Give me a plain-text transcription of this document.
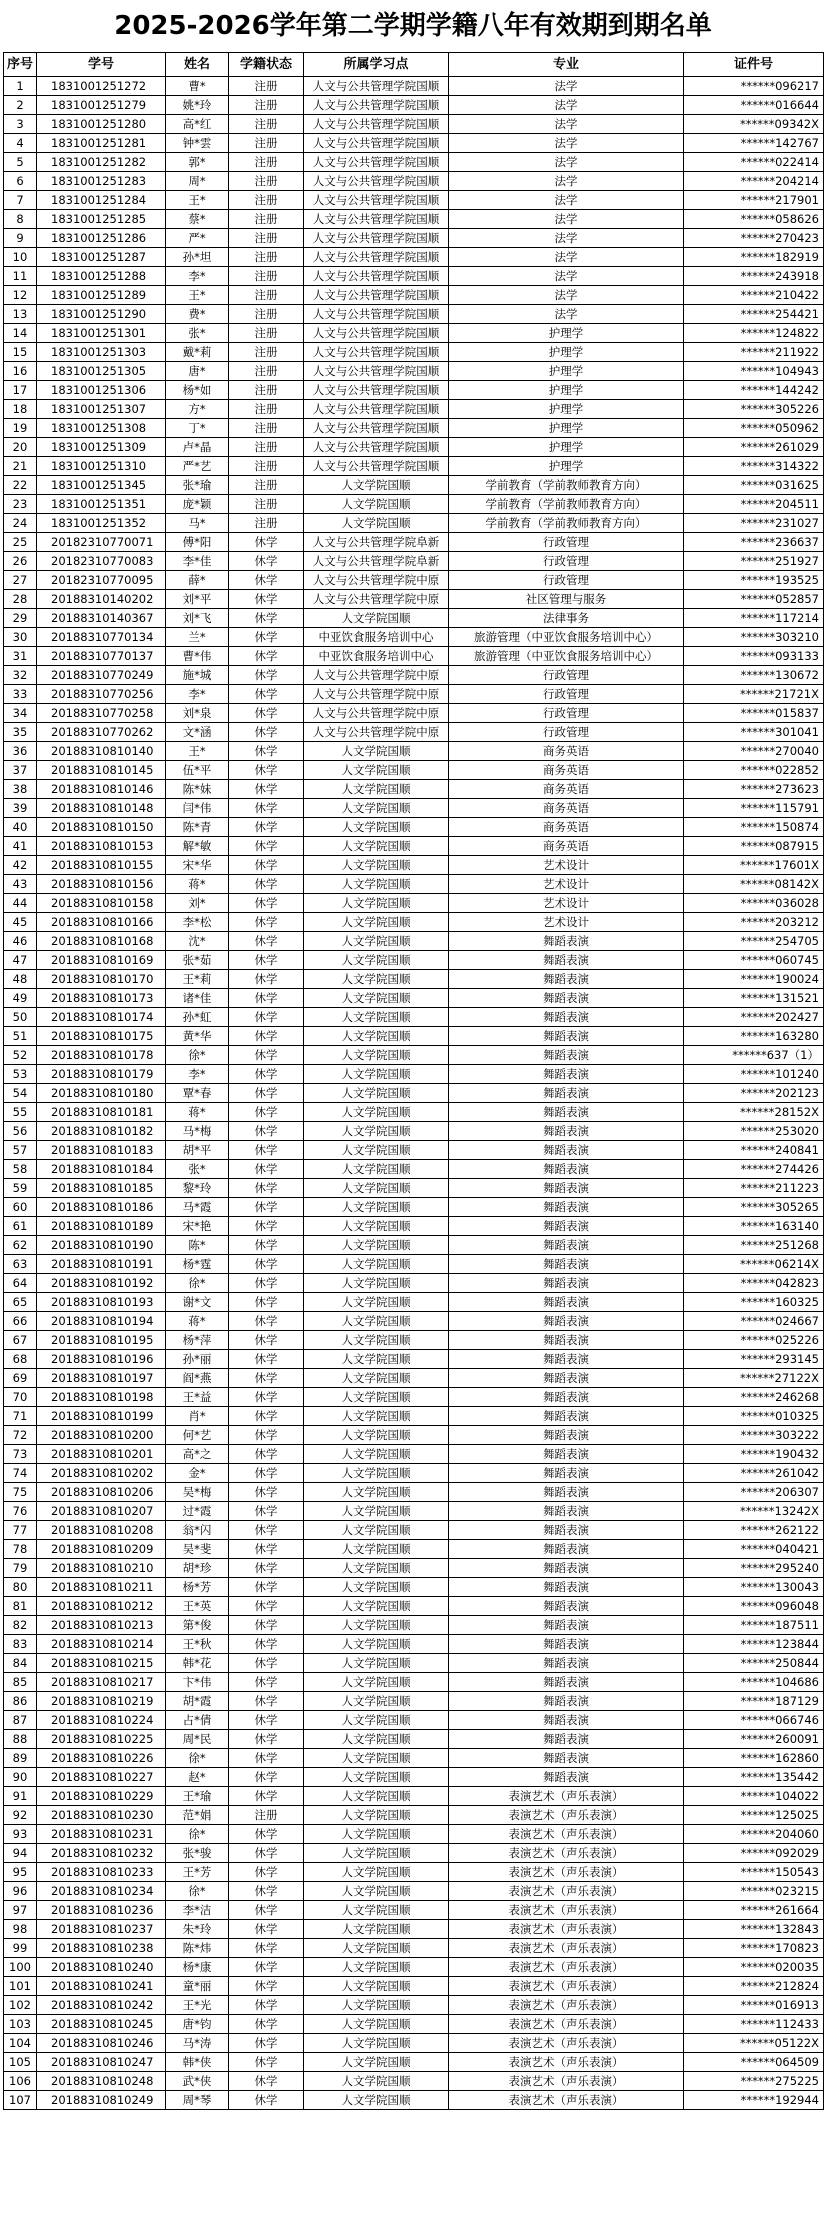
2025-2026学年第二学期学籍八年有效期到期名单
序号	学号	姓名	学籍状态	所属学习点	专业	证件号
1	1831001251272	曹*	注册	人文与公共管理学院国顺	法学	******096217
2	1831001251279	姚*玲	注册	人文与公共管理学院国顺	法学	******016644
3	1831001251280	高*红	注册	人文与公共管理学院国顺	法学	******09342X
4	1831001251281	钟*雲	注册	人文与公共管理学院国顺	法学	******142767
5	1831001251282	郭*	注册	人文与公共管理学院国顺	法学	******022414
6	1831001251283	周*	注册	人文与公共管理学院国顺	法学	******204214
7	1831001251284	王*	注册	人文与公共管理学院国顺	法学	******217901
8	1831001251285	蔡*	注册	人文与公共管理学院国顺	法学	******058626
9	1831001251286	严*	注册	人文与公共管理学院国顺	法学	******270423
10	1831001251287	孙*坦	注册	人文与公共管理学院国顺	法学	******182919
11	1831001251288	李*	注册	人文与公共管理学院国顺	法学	******243918
12	1831001251289	王*	注册	人文与公共管理学院国顺	法学	******210422
13	1831001251290	费*	注册	人文与公共管理学院国顺	法学	******254421
14	1831001251301	张*	注册	人文与公共管理学院国顺	护理学	******124822
15	1831001251303	戴*莉	注册	人文与公共管理学院国顺	护理学	******211922
16	1831001251305	唐*	注册	人文与公共管理学院国顺	护理学	******104943
17	1831001251306	杨*如	注册	人文与公共管理学院国顺	护理学	******144242
18	1831001251307	方*	注册	人文与公共管理学院国顺	护理学	******305226
19	1831001251308	丁*	注册	人文与公共管理学院国顺	护理学	******050962
20	1831001251309	卢*晶	注册	人文与公共管理学院国顺	护理学	******261029
21	1831001251310	严*艺	注册	人文与公共管理学院国顺	护理学	******314322
22	1831001251345	张*瑜	注册	人文学院国顺	学前教育（学前教师教育方向）	******031625
23	1831001251351	庞*颖	注册	人文学院国顺	学前教育（学前教师教育方向）	******204511
24	1831001251352	马*	注册	人文学院国顺	学前教育（学前教师教育方向）	******231027
25	20182310770071	傅*阳	休学	人文与公共管理学院阜新	行政管理	******236637
26	20182310770083	李*佳	休学	人文与公共管理学院阜新	行政管理	******251927
27	20182310770095	薛*	休学	人文与公共管理学院中原	行政管理	******193525
28	20188310140202	刘*平	休学	人文与公共管理学院中原	社区管理与服务	******052857
29	20188310140367	刘*飞	休学	人文学院国顺	法律事务	******117214
30	20188310770134	兰*	休学	中亚饮食服务培训中心	旅游管理（中亚饮食服务培训中心）	******303210
31	20188310770137	曹*伟	休学	中亚饮食服务培训中心	旅游管理（中亚饮食服务培训中心）	******093133
32	20188310770249	施*城	休学	人文与公共管理学院中原	行政管理	******130672
33	20188310770256	李*	休学	人文与公共管理学院中原	行政管理	******21721X
34	20188310770258	刘*泉	休学	人文与公共管理学院中原	行政管理	******015837
35	20188310770262	文*涵	休学	人文与公共管理学院中原	行政管理	******301041
36	20188310810140	王*	休学	人文学院国顺	商务英语	******270040
37	20188310810145	伍*平	休学	人文学院国顺	商务英语	******022852
38	20188310810146	陈*妹	休学	人文学院国顺	商务英语	******273623
39	20188310810148	闫*伟	休学	人文学院国顺	商务英语	******115791
40	20188310810150	陈*青	休学	人文学院国顺	商务英语	******150874
41	20188310810153	解*敏	休学	人文学院国顺	商务英语	******087915
42	20188310810155	宋*华	休学	人文学院国顺	艺术设计	******17601X
43	20188310810156	蒋*	休学	人文学院国顺	艺术设计	******08142X
44	20188310810158	刘*	休学	人文学院国顺	艺术设计	******036028
45	20188310810166	李*松	休学	人文学院国顺	艺术设计	******203212
46	20188310810168	沈*	休学	人文学院国顺	舞蹈表演	******254705
47	20188310810169	张*茹	休学	人文学院国顺	舞蹈表演	******060745
48	20188310810170	王*莉	休学	人文学院国顺	舞蹈表演	******190024
49	20188310810173	诸*佳	休学	人文学院国顺	舞蹈表演	******131521
50	20188310810174	孙*虹	休学	人文学院国顺	舞蹈表演	******202427
51	20188310810175	黄*华	休学	人文学院国顺	舞蹈表演	******163280
52	20188310810178	徐*	休学	人文学院国顺	舞蹈表演	******637（1）
53	20188310810179	李*	休学	人文学院国顺	舞蹈表演	******101240
54	20188310810180	覃*春	休学	人文学院国顺	舞蹈表演	******202123
55	20188310810181	蒋*	休学	人文学院国顺	舞蹈表演	******28152X
56	20188310810182	马*梅	休学	人文学院国顺	舞蹈表演	******253020
57	20188310810183	胡*平	休学	人文学院国顺	舞蹈表演	******240841
58	20188310810184	张*	休学	人文学院国顺	舞蹈表演	******274426
59	20188310810185	黎*玲	休学	人文学院国顺	舞蹈表演	******211223
60	20188310810186	马*霞	休学	人文学院国顺	舞蹈表演	******305265
61	20188310810189	宋*艳	休学	人文学院国顺	舞蹈表演	******163140
62	20188310810190	陈*	休学	人文学院国顺	舞蹈表演	******251268
63	20188310810191	杨*霆	休学	人文学院国顺	舞蹈表演	******06214X
64	20188310810192	徐*	休学	人文学院国顺	舞蹈表演	******042823
65	20188310810193	谢*文	休学	人文学院国顺	舞蹈表演	******160325
66	20188310810194	蒋*	休学	人文学院国顺	舞蹈表演	******024667
67	20188310810195	杨*萍	休学	人文学院国顺	舞蹈表演	******025226
68	20188310810196	孙*丽	休学	人文学院国顺	舞蹈表演	******293145
69	20188310810197	阎*燕	休学	人文学院国顺	舞蹈表演	******27122X
70	20188310810198	王*益	休学	人文学院国顺	舞蹈表演	******246268
71	20188310810199	肖*	休学	人文学院国顺	舞蹈表演	******010325
72	20188310810200	何*艺	休学	人文学院国顺	舞蹈表演	******303222
73	20188310810201	高*之	休学	人文学院国顺	舞蹈表演	******190432
74	20188310810202	金*	休学	人文学院国顺	舞蹈表演	******261042
75	20188310810206	吴*梅	休学	人文学院国顺	舞蹈表演	******206307
76	20188310810207	过*霞	休学	人文学院国顺	舞蹈表演	******13242X
77	20188310810208	翁*闪	休学	人文学院国顺	舞蹈表演	******262122
78	20188310810209	吴*斐	休学	人文学院国顺	舞蹈表演	******040421
79	20188310810210	胡*珍	休学	人文学院国顺	舞蹈表演	******295240
80	20188310810211	杨*芳	休学	人文学院国顺	舞蹈表演	******130043
81	20188310810212	王*英	休学	人文学院国顺	舞蹈表演	******096048
82	20188310810213	第*俊	休学	人文学院国顺	舞蹈表演	******187511
83	20188310810214	王*秋	休学	人文学院国顺	舞蹈表演	******123844
84	20188310810215	韩*花	休学	人文学院国顺	舞蹈表演	******250844
85	20188310810217	卞*伟	休学	人文学院国顺	舞蹈表演	******104686
86	20188310810219	胡*霞	休学	人文学院国顺	舞蹈表演	******187129
87	20188310810224	占*倩	休学	人文学院国顺	舞蹈表演	******066746
88	20188310810225	周*民	休学	人文学院国顺	舞蹈表演	******260091
89	20188310810226	徐*	休学	人文学院国顺	舞蹈表演	******162860
90	20188310810227	赵*	休学	人文学院国顺	舞蹈表演	******135442
91	20188310810229	王*瑜	休学	人文学院国顺	表演艺术（声乐表演）	******104022
92	20188310810230	范*娟	注册	人文学院国顺	表演艺术（声乐表演）	******125025
93	20188310810231	徐*	休学	人文学院国顺	表演艺术（声乐表演）	******204060
94	20188310810232	张*骏	休学	人文学院国顺	表演艺术（声乐表演）	******092029
95	20188310810233	王*芳	休学	人文学院国顺	表演艺术（声乐表演）	******150543
96	20188310810234	徐*	休学	人文学院国顺	表演艺术（声乐表演）	******023215
97	20188310810236	李*洁	休学	人文学院国顺	表演艺术（声乐表演）	******261664
98	20188310810237	朱*玲	休学	人文学院国顺	表演艺术（声乐表演）	******132843
99	20188310810238	陈*炜	休学	人文学院国顺	表演艺术（声乐表演）	******170823
100	20188310810240	杨*康	休学	人文学院国顺	表演艺术（声乐表演）	******020035
101	20188310810241	童*丽	休学	人文学院国顺	表演艺术（声乐表演）	******212824
102	20188310810242	王*光	休学	人文学院国顺	表演艺术（声乐表演）	******016913
103	20188310810245	唐*钧	休学	人文学院国顺	表演艺术（声乐表演）	******112433
104	20188310810246	马*涛	休学	人文学院国顺	表演艺术（声乐表演）	******05122X
105	20188310810247	韩*侠	休学	人文学院国顺	表演艺术（声乐表演）	******064509
106	20188310810248	武*侠	休学	人文学院国顺	表演艺术（声乐表演）	******275225
107	20188310810249	周*琴	休学	人文学院国顺	表演艺术（声乐表演）	******192944
